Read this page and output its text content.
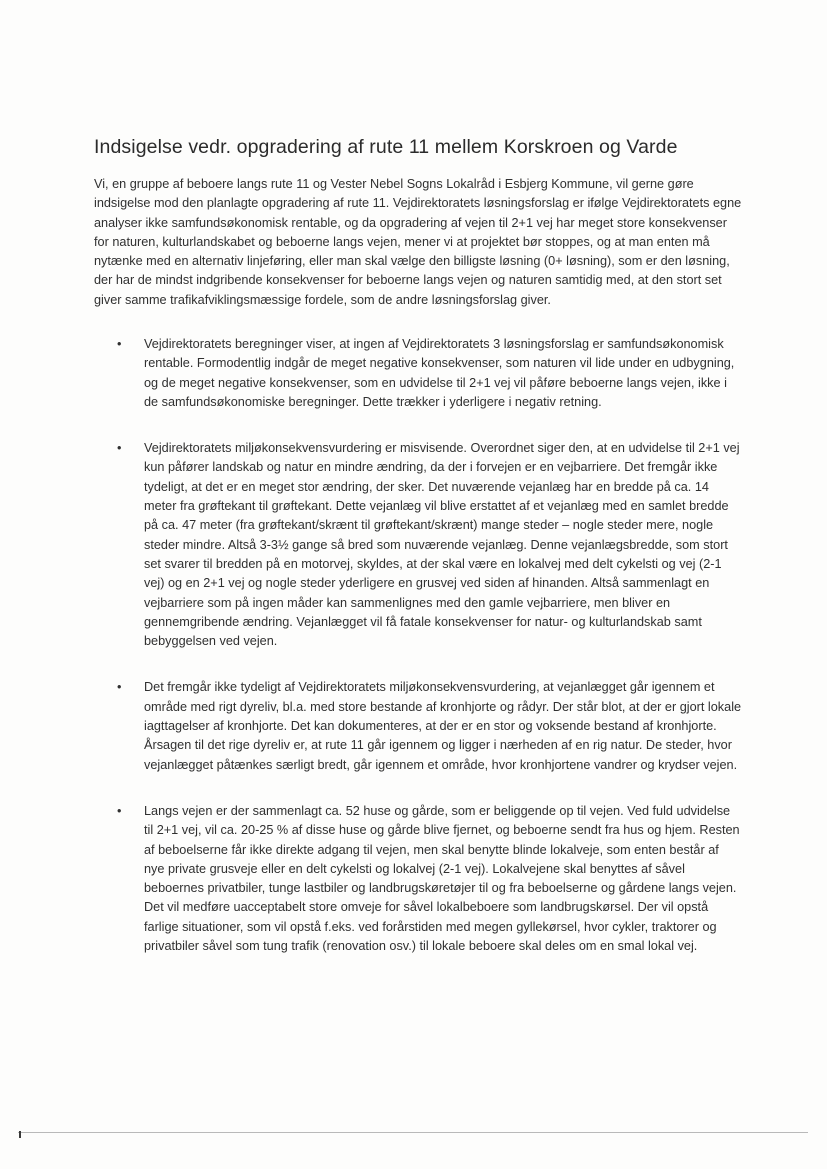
Indsigelse vedr. opgradering af rute 11 mellem Korskroen og Varde

Vi, en gruppe af beboere langs rute 11 og Vester Nebel Sogns Lokalråd i Esbjerg Kommune, vil gerne gøre indsigelse mod den planlagte opgradering af rute 11. Vejdirektoratets løsningsforslag er ifølge Vejdirektoratets egne analyser ikke samfundsøkonomisk rentable, og da opgradering af vejen til 2+1 vej har meget store konsekvenser for naturen, kulturlandskabet og beboerne langs vejen, mener vi at projektet bør stoppes, og at man enten må nytænke med en alternativ linjeføring, eller man skal vælge den billigste løsning (0+ løsning), som er den løsning, der har de mindst indgribende konsekvenser for beboerne langs vejen og naturen samtidig med, at den stort set giver samme trafikafviklingsmæssige fordele, som de andre løsningsforslag giver.

• Vejdirektoratets beregninger viser, at ingen af Vejdirektoratets 3 løsningsforslag er samfundsøkonomisk rentable. Formodentlig indgår de meget negative konsekvenser, som naturen vil lide under en udbygning, og de meget negative konsekvenser, som en udvidelse til 2+1 vej vil påføre beboerne langs vejen, ikke i de samfundsøkonomiske beregninger. Dette trækker i yderligere i negativ retning.
• Vejdirektoratets miljøkonsekvensvurdering er misvisende. Overordnet siger den, at en udvidelse til 2+1 vej kun påfører landskab og natur en mindre ændring, da der i forvejen er en vejbarriere. Det fremgår ikke tydeligt, at det er en meget stor ændring, der sker. Det nuværende vejanlæg har en bredde på ca. 14 meter fra grøftekant til grøftekant. Dette vejanlæg vil blive erstattet af et vejanlæg med en samlet bredde på ca. 47 meter (fra grøftekant/skrænt til grøftekant/skrænt) mange steder – nogle steder mere, nogle steder mindre. Altså 3-3½ gange så bred som nuværende vejanlæg. Denne vejanlægsbredde, som stort set svarer til bredden på en motorvej, skyldes, at der skal være en lokalvej med delt cykelsti og vej (2-1 vej) og en 2+1 vej og nogle steder yderligere en grusvej ved siden af hinanden. Altså sammenlagt en vejbarriere som på ingen måder kan sammenlignes med den gamle vejbarriere, men bliver en gennemgribende ændring. Vejanlægget vil få fatale konsekvenser for natur- og kulturlandskab samt bebyggelsen ved vejen.
• Det fremgår ikke tydeligt af Vejdirektoratets miljøkonsekvensvurdering, at vejanlægget går igennem et område med rigt dyreliv, bl.a. med store bestande af kronhjorte og rådyr. Der står blot, at der er gjort lokale iagttagelser af kronhjorte. Det kan dokumenteres, at der er en stor og voksende bestand af kronhjorte. Årsagen til det rige dyreliv er, at rute 11 går igennem og ligger i nærheden af en rig natur. De steder, hvor vejanlægget påtænkes særligt bredt, går igennem et område, hvor kronhjortene vandrer og krydser vejen.
• Langs vejen er der sammenlagt ca. 52 huse og gårde, som er beliggende op til vejen. Ved fuld udvidelse til 2+1 vej, vil ca. 20-25 % af disse huse og gårde blive fjernet, og beboerne sendt fra hus og hjem. Resten af beboelserne får ikke direkte adgang til vejen, men skal benytte blinde lokalveje, som enten består af nye private grusveje eller en delt cykelsti og lokalvej (2-1 vej). Lokalvejene skal benyttes af såvel beboernes privatbiler, tunge lastbiler og landbrugskøretøjer til og fra beboelserne og gårdene langs vejen. Det vil medføre uacceptabelt store omveje for såvel lokalbeboere som landbrugskørsel. Der vil opstå farlige situationer, som vil opstå f.eks. ved forårstiden med megen gyllekørsel, hvor cykler, traktorer og privatbiler såvel som tung trafik (renovation osv.) til lokale beboere skal deles om en smal lokal vej.
